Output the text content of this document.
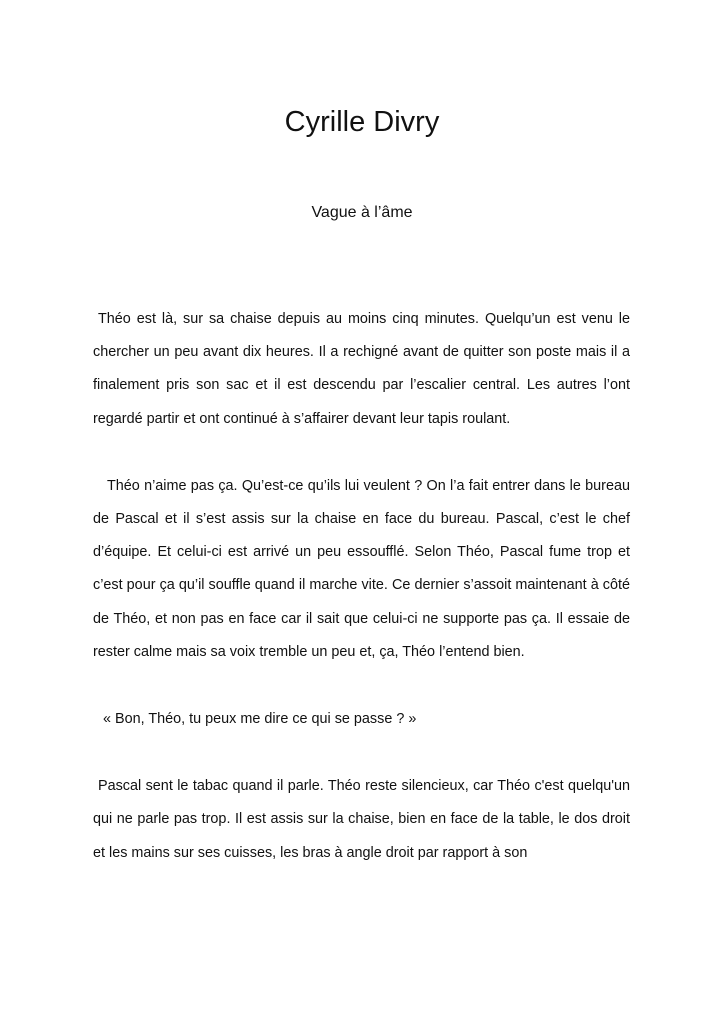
Cyrille Divry
Vague à l’âme

Théo est là, sur sa chaise depuis au moins cinq minutes. Quelqu’un est venu le chercher un peu avant dix heures. Il a rechigné avant de quitter son poste mais il a finalement pris son sac et il est descendu par l’escalier central. Les autres l’ont regardé partir et ont continué à s’affairer devant leur tapis roulant.

Théo n’aime pas ça. Qu’est-ce qu’ils lui veulent ? On l’a fait entrer dans le bureau de Pascal et il s’est assis sur la chaise en face du bureau. Pascal, c’est le chef d’équipe. Et celui-ci est arrivé un peu essoufflé. Selon Théo, Pascal fume trop et c’est pour ça qu’il souffle quand il marche vite. Ce dernier s’assoit maintenant à côté de Théo, et non pas en face car il sait que celui-ci ne supporte pas ça. Il essaie de rester calme mais sa voix tremble un peu et, ça, Théo l’entend bien.

« Bon, Théo, tu peux me dire ce qui se passe ? »

Pascal sent le tabac quand il parle. Théo reste silencieux, car Théo c'est quelqu'un qui ne parle pas trop. Il est assis sur la chaise, bien en face de la table, le dos droit et les mains sur ses cuisses, les bras à angle droit par rapport à son
